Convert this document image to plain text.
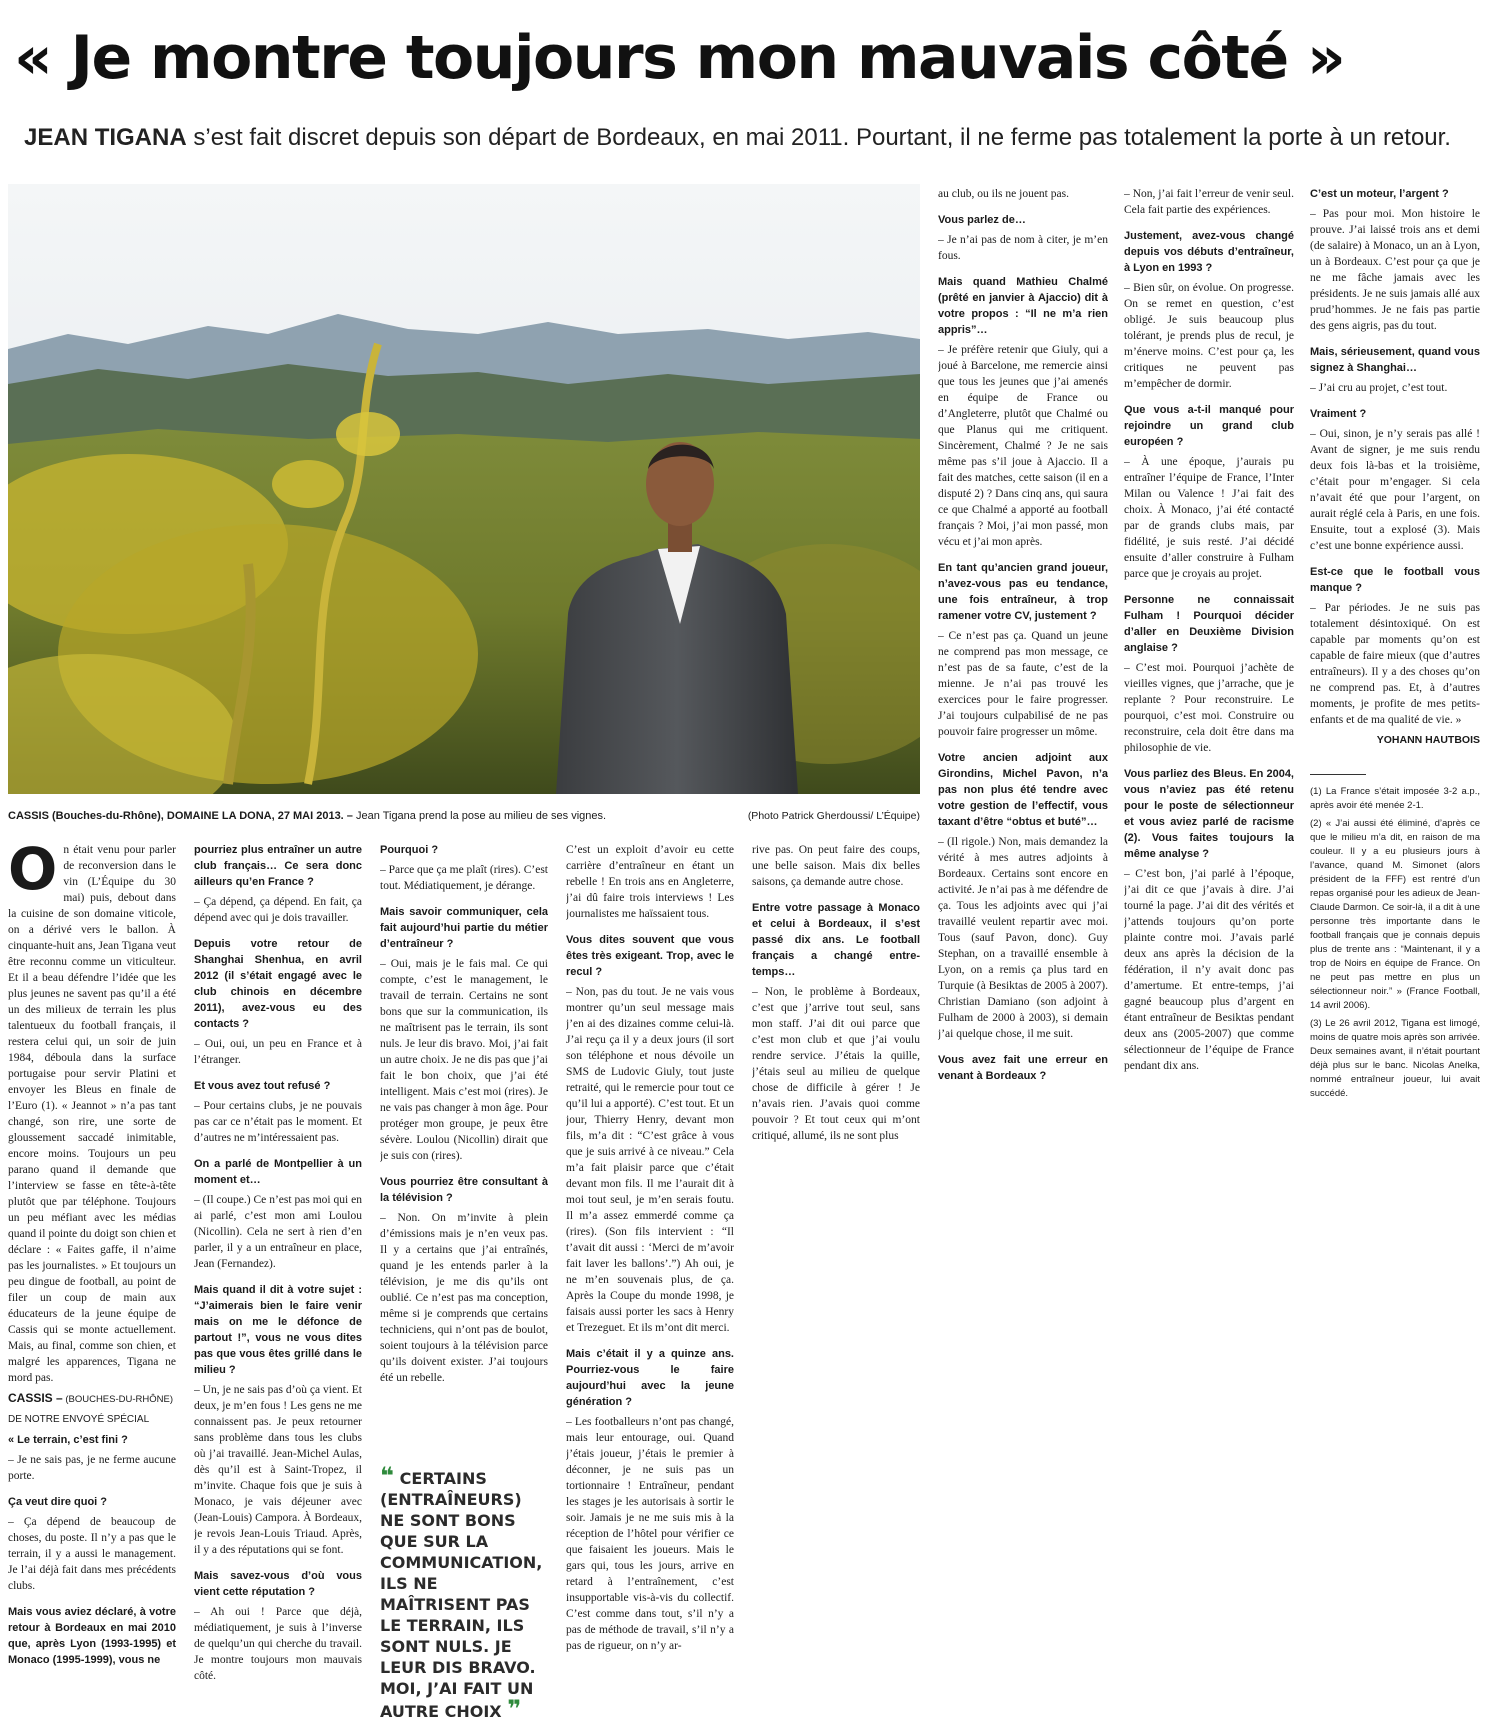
« Je montre toujours mon mauvais côté »
JEAN TIGANA s’est fait discret depuis son départ de Bordeaux, en mai 2011. Pourtant, il ne ferme pas totalement la porte à un retour.
CASSIS (Bouches-du-Rhône), DOMAINE LA DONA, 27 MAI 2013. – Jean Tigana prend la pose au milieu de ses vignes.	(Photo Patrick Gherdoussi/ L’Équipe)

On était venu pour parler de reconversion dans le vin (L’Équipe du 30 mai) puis, debout dans la cuisine de son domaine viticole, on a dérivé vers le ballon. À cinquante-huit ans, Jean Tigana veut être reconnu comme un viticulteur. Et il a beau défendre l’idée que les plus jeunes ne savent pas qu’il a été un des milieux de terrain les plus talentueux du football français, il restera celui qui, un soir de juin 1984, déboula dans la surface portugaise pour servir Platini et envoyer les Bleus en finale de l’Euro (1). « Jeannot » n’a pas tant changé, son rire, une sorte de gloussement saccadé inimitable, encore moins. Toujours un peu parano quand il demande que l’interview se fasse en tête-à-tête plutôt que par téléphone. Toujours un peu méfiant avec les médias quand il pointe du doigt son chien et déclare : « Faites gaffe, il n’aime pas les journalistes. » Et toujours un peu dingue de football, au point de filer un coup de main aux éducateurs de la jeune équipe de Cassis qui se monte actuellement. Mais, au final, comme son chien, et malgré les apparences, Tigana ne mord pas.

CASSIS – (BOUCHES-DU-RHÔNE)

DE NOTRE ENVOYÉ SPÉCIAL

« Le terrain, c’est fini ?

– Je ne sais pas, je ne ferme aucune porte.

Ça veut dire quoi ?

– Ça dépend de beaucoup de choses, du poste. Il n’y a pas que le terrain, il y a aussi le management. Je l’ai déjà fait dans mes précédents clubs.

Mais vous aviez déclaré, à votre retour à Bordeaux en mai 2010 que, après Lyon (1993-1995) et Monaco (1995-1999), vous ne

pourriez plus entraîner un autre club français… Ce sera donc ailleurs qu’en France ?

– Ça dépend, ça dépend. En fait, ça dépend avec qui je dois travailler.

Depuis votre retour de Shanghai Shenhua, en avril 2012 (il s’était engagé avec le club chinois en décembre 2011), avez-vous eu des contacts ?

– Oui, oui, un peu en France et à l’étranger.

Et vous avez tout refusé ?

– Pour certains clubs, je ne pouvais pas car ce n’était pas le moment. Et d’autres ne m’intéressaient pas.

On a parlé de Montpellier à un moment et…

– (Il coupe.) Ce n’est pas moi qui en ai parlé, c’est mon ami Loulou (Nicollin). Cela ne sert à rien d’en parler, il y a un entraîneur en place, Jean (Fernandez).

Mais quand il dit à votre sujet : “J’aimerais bien le faire venir mais on me le défonce de partout !”, vous ne vous dites pas que vous êtes grillé dans le milieu ?

– Un, je ne sais pas d’où ça vient. Et deux, je m’en fous ! Les gens ne me connaissent pas. Je peux retourner sans problème dans tous les clubs où j’ai travaillé. Jean-Michel Aulas, dès qu’il est à Saint-Tropez, il m’invite. Chaque fois que je suis à Monaco, je vais déjeuner avec (Jean-Louis) Campora. À Bordeaux, je revois Jean-Louis Triaud. Après, il y a des réputations qui se font.

Mais savez-vous d’où vous vient cette réputation ?

– Ah oui ! Parce que déjà, médiatiquement, je suis à l’inverse de quelqu’un qui cherche du travail. Je montre toujours mon mauvais côté.

Pourquoi ?

– Parce que ça me plaît (rires). C’est tout. Médiatiquement, je dérange.

Mais savoir communiquer, cela fait aujourd’hui partie du métier d’entraîneur ?

– Oui, mais je le fais mal. Ce qui compte, c’est le management, le travail de terrain. Certains ne sont bons que sur la communication, ils ne maîtrisent pas le terrain, ils sont nuls. Je leur dis bravo. Moi, j’ai fait un autre choix. Je ne dis pas que j’ai fait le bon choix, que j’ai été intelligent. Mais c’est moi (rires). Je ne vais pas changer à mon âge. Pour protéger mon groupe, je peux être sévère. Loulou (Nicollin) dirait que je suis con (rires).

Vous pourriez être consultant à la télévision ?

– Non. On m’invite à plein d’émissions mais je n’en veux pas. Il y a certains que j’ai entraînés, quand je les entends parler à la télévision, je me dis qu’ils ont oublié. Ce n’est pas ma conception, même si je comprends que certains techniciens, qui n’ont pas de boulot, soient toujours à la télévision parce qu’ils doivent exister. J’ai toujours été un rebelle.

❝ CERTAINS (ENTRAÎNEURS) NE SONT BONS QUE SUR LA COMMUNICATION, ILS NE MAÎTRISENT PAS LE TERRAIN, ILS SONT NULS. JE LEUR DIS BRAVO. MOI, J’AI FAIT UN AUTRE CHOIX ❞

C’est un exploit d’avoir eu cette carrière d’entraîneur en étant un rebelle ! En trois ans en Angleterre, j’ai dû faire trois interviews ! Les journalistes me haïssaient tous.

Vous dites souvent que vous êtes très exigeant. Trop, avec le recul ?

– Non, pas du tout. Je ne vais vous montrer qu’un seul message mais j’en ai des dizaines comme celui-là. J’ai reçu ça il y a deux jours (il sort son téléphone et nous dévoile un SMS de Ludovic Giuly, tout juste retraité, qui le remercie pour tout ce qu’il lui a apporté). C’est tout. Et un jour, Thierry Henry, devant mon fils, m’a dit : “C’est grâce à vous que je suis arrivé à ce niveau.” Cela m’a fait plaisir parce que c’était devant mon fils. Il me l’aurait dit à moi tout seul, je m’en serais foutu. Il m’a assez emmerdé comme ça (rires). (Son fils intervient : “Il t’avait dit aussi : ‘Merci de m’avoir fait laver les ballons’.”) Ah oui, je ne m’en souvenais plus, de ça. Après la Coupe du monde 1998, je faisais aussi porter les sacs à Henry et Trezeguet. Et ils m’ont dit merci.

Mais c’était il y a quinze ans. Pourriez-vous le faire aujourd’hui avec la jeune génération ?

– Les footballeurs n’ont pas changé, mais leur entourage, oui. Quand j’étais joueur, j’étais le premier à déconner, je ne suis pas un tortionnaire ! Entraîneur, pendant les stages je les autorisais à sortir le soir. Jamais je ne me suis mis à la réception de l’hôtel pour vérifier ce que faisaient les joueurs. Mais le gars qui, tous les jours, arrive en retard à l’entraînement, c’est insupportable vis-à-vis du collectif. C’est comme dans tout, s’il n’y a pas de méthode de travail, s’il n’y a pas de rigueur, on n’y ar-

rive pas. On peut faire des coups, une belle saison. Mais dix belles saisons, ça demande autre chose.

Entre votre passage à Monaco et celui à Bordeaux, il s’est passé dix ans. Le football français a changé entre-temps…

– Non, le problème à Bordeaux, c’est que j’arrive tout seul, sans mon staff. J’ai dit oui parce que c’est mon club et que j’ai voulu rendre service. J’étais la quille, j’étais seul au milieu de quelque chose de difficile à gérer ! Je n’avais rien. J’avais quoi comme pouvoir ? Et tout ceux qui m’ont critiqué, allumé, ils ne sont plus

au club, ou ils ne jouent pas.

Vous parlez de…

– Je n’ai pas de nom à citer, je m’en fous.

Mais quand Mathieu Chalmé (prêté en janvier à Ajaccio) dit à votre propos : “Il ne m’a rien appris”…

– Je préfère retenir que Giuly, qui a joué à Barcelone, me remercie ainsi que tous les jeunes que j’ai amenés en équipe de France ou d’Angleterre, plutôt que Chalmé ou que Planus qui me critiquent. Sincèrement, Chalmé ? Je ne sais même pas s’il joue à Ajaccio. Il a fait des matches, cette saison (il en a disputé 2) ? Dans cinq ans, qui saura ce que Chalmé a apporté au football français ? Moi, j’ai mon passé, mon vécu et j’ai mon après.

En tant qu’ancien grand joueur, n’avez-vous pas eu tendance, une fois entraîneur, à trop ramener votre CV, justement ?

– Ce n’est pas ça. Quand un jeune ne comprend pas mon message, ce n’est pas de sa faute, c’est de la mienne. Je n’ai pas trouvé les exercices pour le faire progresser. J’ai toujours culpabilisé de ne pas pouvoir faire progresser un môme.

Votre ancien adjoint aux Girondins, Michel Pavon, n’a pas non plus été tendre avec votre gestion de l’effectif, vous taxant d’être “obtus et buté”…

– (Il rigole.) Non, mais demandez la vérité à mes autres adjoints à Bordeaux. Certains sont encore en activité. Je n’ai pas à me défendre de ça. Tous les adjoints avec qui j’ai travaillé veulent repartir avec moi. Tous (sauf Pavon, donc). Guy Stephan, on a travaillé ensemble à Lyon, on a remis ça plus tard en Turquie (à Besiktas de 2005 à 2007). Christian Damiano (son adjoint à Fulham de 2000 à 2003), si demain j’ai quelque chose, il me suit.

Vous avez fait une erreur en venant à Bordeaux ?

– Non, j’ai fait l’erreur de venir seul. Cela fait partie des expériences.

Justement, avez-vous changé depuis vos débuts d’entraîneur, à Lyon en 1993 ?

– Bien sûr, on évolue. On progresse. On se remet en question, c’est obligé. Je suis beaucoup plus tolérant, je prends plus de recul, je m’énerve moins. C’est pour ça, les critiques ne peuvent pas m’empêcher de dormir.

Que vous a-t-il manqué pour rejoindre un grand club européen ?

– À une époque, j’aurais pu entraîner l’équipe de France, l’Inter Milan ou Valence ! J’ai fait des choix. À Monaco, j’ai été contacté par de grands clubs mais, par fidélité, je suis resté. J’ai décidé ensuite d’aller construire à Fulham parce que je croyais au projet.

Personne ne connaissait Fulham ! Pourquoi décider d’aller en Deuxième Division anglaise ?

– C’est moi. Pourquoi j’achète de vieilles vignes, que j’arrache, que je replante ? Pour reconstruire. Le pourquoi, c’est moi. Construire ou reconstruire, cela doit être dans ma philosophie de vie.

Vous parliez des Bleus. En 2004, vous n’aviez pas été retenu pour le poste de sélectionneur et vous aviez parlé de racisme (2). Vous faites toujours la même analyse ?

– C’est bon, j’ai parlé à l’époque, j’ai dit ce que j’avais à dire. J’ai tourné la page. J’ai dit des vérités et j’attends toujours qu’on porte plainte contre moi. J’avais parlé deux ans après la décision de la fédération, il n’y avait donc pas d’amertume. Et entre-temps, j’ai gagné beaucoup plus d’argent en étant entraîneur de Besiktas pendant deux ans (2005-2007) que comme sélectionneur de l’équipe de France pendant dix ans.

C’est un moteur, l’argent ?

– Pas pour moi. Mon histoire le prouve. J’ai laissé trois ans et demi (de salaire) à Monaco, un an à Lyon, un à Bordeaux. C’est pour ça que je ne me fâche jamais avec les présidents. Je ne suis jamais allé aux prud’hommes. Je ne fais pas partie des gens aigris, pas du tout.

Mais, sérieusement, quand vous signez à Shanghai…

– J’ai cru au projet, c’est tout.

Vraiment ?

– Oui, sinon, je n’y serais pas allé ! Avant de signer, je me suis rendu deux fois là-bas et la troisième, c’était pour m’engager. Si cela n’avait été que pour l’argent, on aurait réglé cela à Paris, en une fois. Ensuite, tout a explosé (3). Mais c’est une bonne expérience aussi.

Est-ce que le football vous manque ?

– Par périodes. Je ne suis pas totalement désintoxiqué. On est capable par moments qu’on est capable de faire mieux (que d’autres entraîneurs). Il y a des choses qu’on ne comprend pas. Et, à d’autres moments, je profite de mes petits-enfants et de ma qualité de vie. »

YOHANN HAUTBOIS

(1) La France s’était imposée 3-2 a.p., après avoir été menée 2-1.

(2) « J’ai aussi été éliminé, d’après ce que le milieu m’a dit, en raison de ma couleur. Il y a eu plusieurs jours à l’avance, quand M. Simonet (alors président de la FFF) est rentré d’un repas organisé pour les adieux de Jean-Claude Darmon. Ce soir-là, il a dit à une personne très importante dans le football français que je connais depuis plus de trente ans : “Maintenant, il y a trop de Noirs en équipe de France. On ne peut pas mettre en plus un sélectionneur noir.” » (France Football, 14 avril 2006).

(3) Le 26 avril 2012, Tigana est limogé, moins de quatre mois après son arrivée. Deux semaines avant, il n’était pourtant déjà plus sur le banc. Nicolas Anelka, nommé entraîneur joueur, lui avait succédé.
